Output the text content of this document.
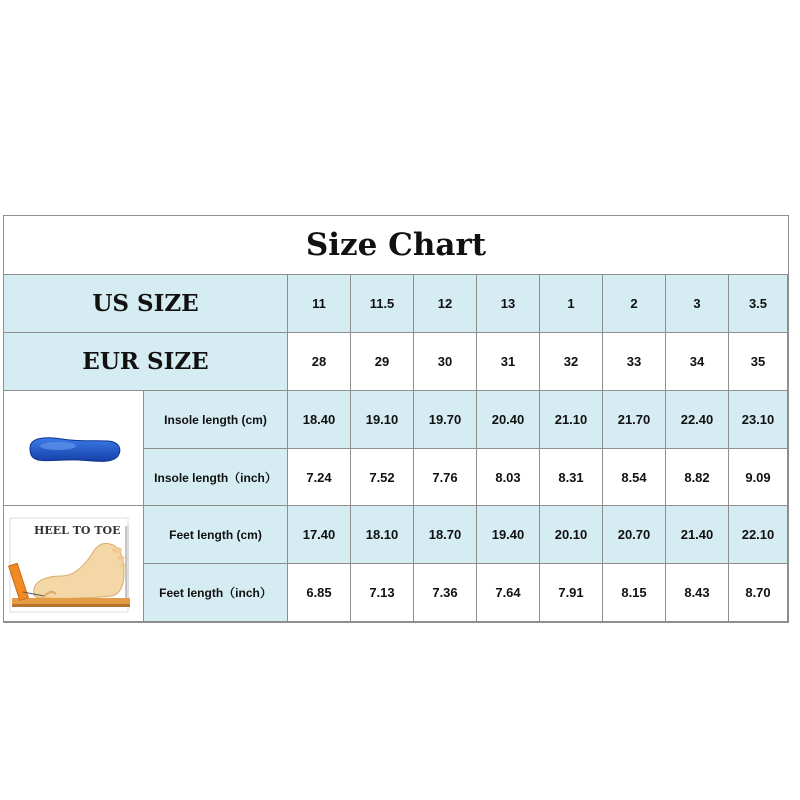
Size Chart
HEEL TO TOE
US SIZE	11	11.5	12	13	1	2	3	3.5
EUR SIZE	28	29	30	31	32	33	34	35
Insole length (cm)	18.40	19.10	19.70	20.40	21.10	21.70	22.40	23.10
Insole length（inch）	7.24	7.52	7.76	8.03	8.31	8.54	8.82	9.09
Feet length (cm)	17.40	18.10	18.70	19.40	20.10	20.70	21.40	22.10
Feet length（inch）	6.85	7.13	7.36	7.64	7.91	8.15	8.43	8.70
